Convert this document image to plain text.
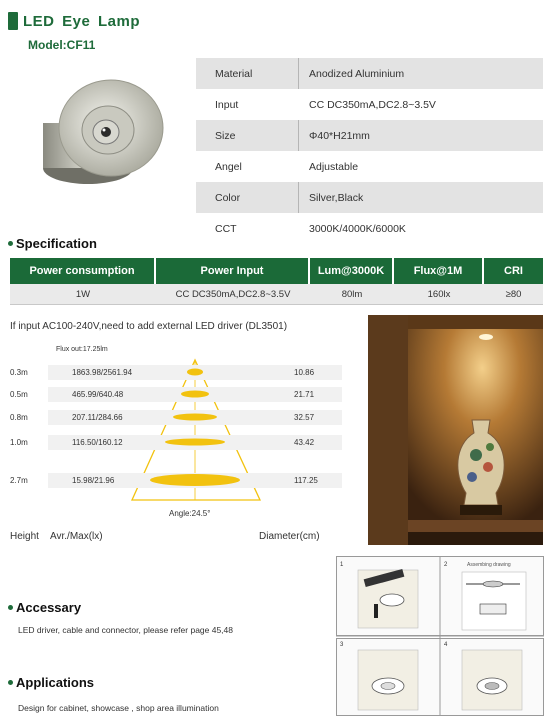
LED Eye Lamp
Model:CF11
Material	Anodized Aluminium
Input	CC DC350mA,DC2.8~3.5V
Size	Φ40*H21mm
Angel	Adjustable
Color	Silver,Black
CCT	3000K/4000K/6000K
Specification
Power consumption	Power Input	Lum@3000K	Flux@1M	CRI
1W	CC DC350mA,DC2.8~3.5V	80lm	160lx	≥80
If input AC100-240V,need to add external LED driver (DL3501)
Flux out:17.25lm
0.3m	1863.98/2561.94	10.86
0.5m	465.99/640.48	21.71
0.8m	207.11/284.66	32.57
1.0m	116.50/160.12	43.42
2.7m	15.98/21.96	117.25
Angle:24.5°
Height Avr./Max(lx)	Diameter(cm)
1	2	Assembing drawing
3	4
Accessary
LED driver, cable and connector, please refer page 45,48
Applications
Design for cabinet, showcase , shop area illumination
